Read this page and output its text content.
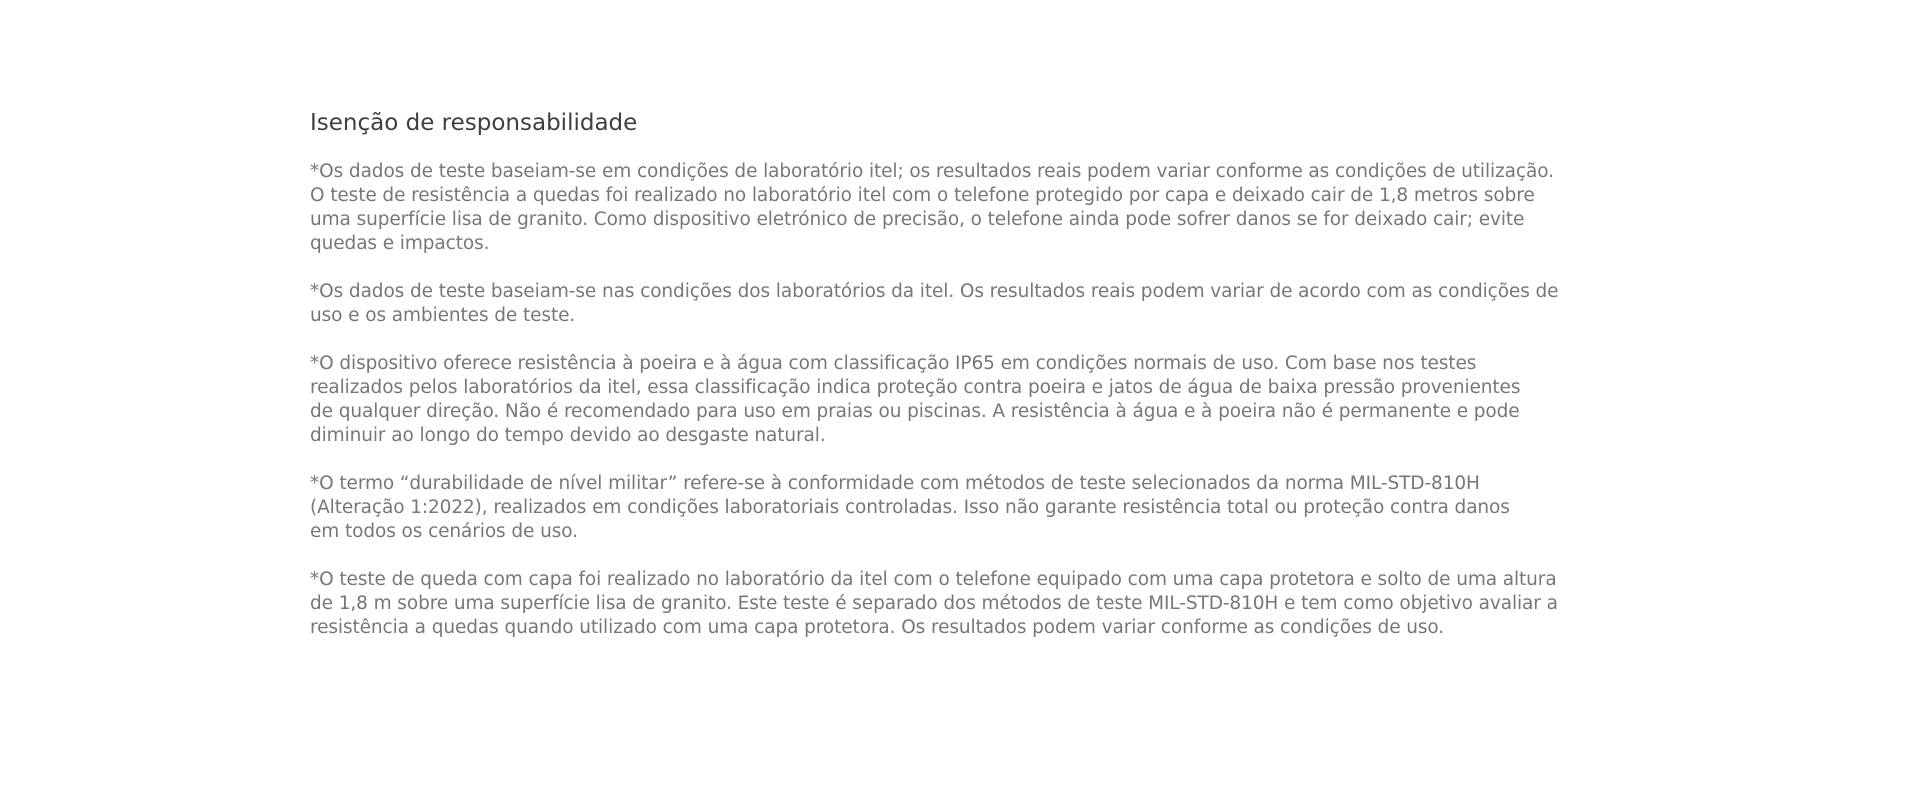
Isenção de responsabilidade

*Os dados de teste baseiam-se em condições de laboratório itel; os resultados reais podem variar conforme as condições de utilização.
O teste de resistência a quedas foi realizado no laboratório itel com o telefone protegido por capa e deixado cair de 1,8 metros sobre
uma superfície lisa de granito. Como dispositivo eletrónico de precisão, o telefone ainda pode sofrer danos se for deixado cair; evite
quedas e impactos.

*Os dados de teste baseiam-se nas condições dos laboratórios da itel. Os resultados reais podem variar de acordo com as condições de
uso e os ambientes de teste.

*O dispositivo oferece resistência à poeira e à água com classificação IP65 em condições normais de uso. Com base nos testes
realizados pelos laboratórios da itel, essa classificação indica proteção contra poeira e jatos de água de baixa pressão provenientes
de qualquer direção. Não é recomendado para uso em praias ou piscinas. A resistência à água e à poeira não é permanente e pode
diminuir ao longo do tempo devido ao desgaste natural.

*O termo “durabilidade de nível militar” refere-se à conformidade com métodos de teste selecionados da norma MIL-STD-810H
(Alteração 1:2022), realizados em condições laboratoriais controladas. Isso não garante resistência total ou proteção contra danos
em todos os cenários de uso.

*O teste de queda com capa foi realizado no laboratório da itel com o telefone equipado com uma capa protetora e solto de uma altura
de 1,8 m sobre uma superfície lisa de granito. Este teste é separado dos métodos de teste MIL-STD-810H e tem como objetivo avaliar a
resistência a quedas quando utilizado com uma capa protetora. Os resultados podem variar conforme as condições de uso.
